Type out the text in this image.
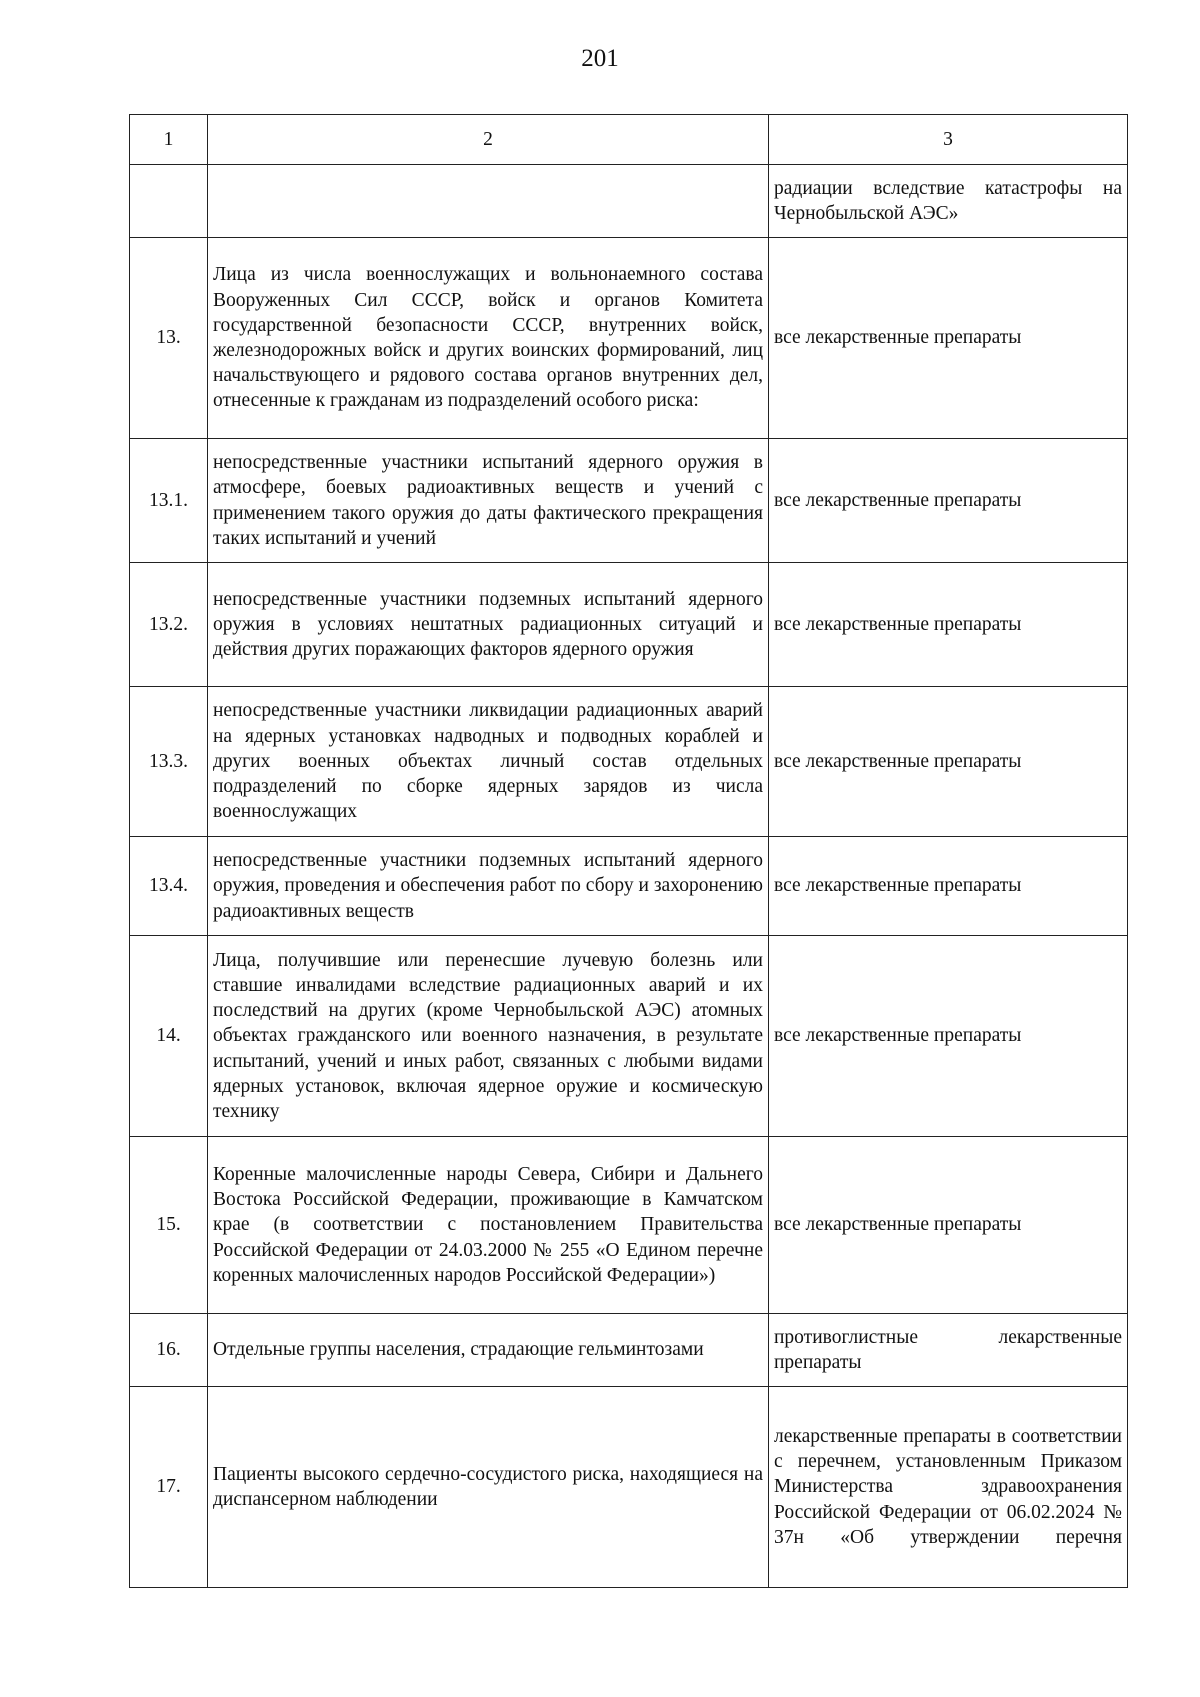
201
1	2	3
		радиации вследствие катастрофы на Чернобыльской АЭС»
13.	Лица из числа военнослужащих и вольнонаемного состава Вооруженных Сил СССР, войск и органов Комитета государственной безопасности СССР, внутренних войск, железнодорожных войск и других воинских формирований, лиц начальствующего и рядового состава органов внутренних дел, отнесенные к гражданам из подразделений особого риска:	все лекарственные препараты
13.1.	непосредственные участники испытаний ядерного оружия в атмосфере, боевых радиоактивных веществ и учений с применением такого оружия до даты фактического прекращения таких испытаний и учений	все лекарственные препараты
13.2.	непосредственные участники подземных испытаний ядерного оружия в условиях нештатных радиационных ситуаций и действия других поражающих факторов ядерного оружия	все лекарственные препараты
13.3.	непосредственные участники ликвидации радиационных аварий на ядерных установках надводных и подводных кораблей и других военных объектах личный состав отдельных подразделений по сборке ядерных зарядов из числа военнослужащих	все лекарственные препараты
13.4.	непосредственные участники подземных испытаний ядерного оружия, проведения и обеспечения работ по сбору и захоронению радиоактивных веществ	все лекарственные препараты
14.	Лица, получившие или перенесшие лучевую болезнь или ставшие инвалидами вследствие радиационных аварий и их последствий на других (кроме Чернобыльской АЭС) атомных объектах гражданского или военного назначения, в результате испытаний, учений и иных работ, связанных с любыми видами ядерных установок, включая ядерное оружие и космическую технику	все лекарственные препараты
15.	Коренные малочисленные народы Севера, Сибири и Дальнего Востока Российской Федерации, проживающие в Камчатском крае (в соответствии с постановлением Правительства Российской Федерации от 24.03.2000 № 255 «О Едином перечне коренных малочисленных народов Российской Федерации»)	все лекарственные препараты
16.	Отдельные группы населения, страдающие гельминтозами	противоглистные лекарственные препараты
17.	Пациенты высокого сердечно-сосудистого риска, находящиеся на диспансерном наблюдении	лекарственные препараты в соответствии с перечнем, установленным Приказом Министерства здравоохранения Российской Федерации от 06.02.2024 № 37н «Об утверждении перечня
